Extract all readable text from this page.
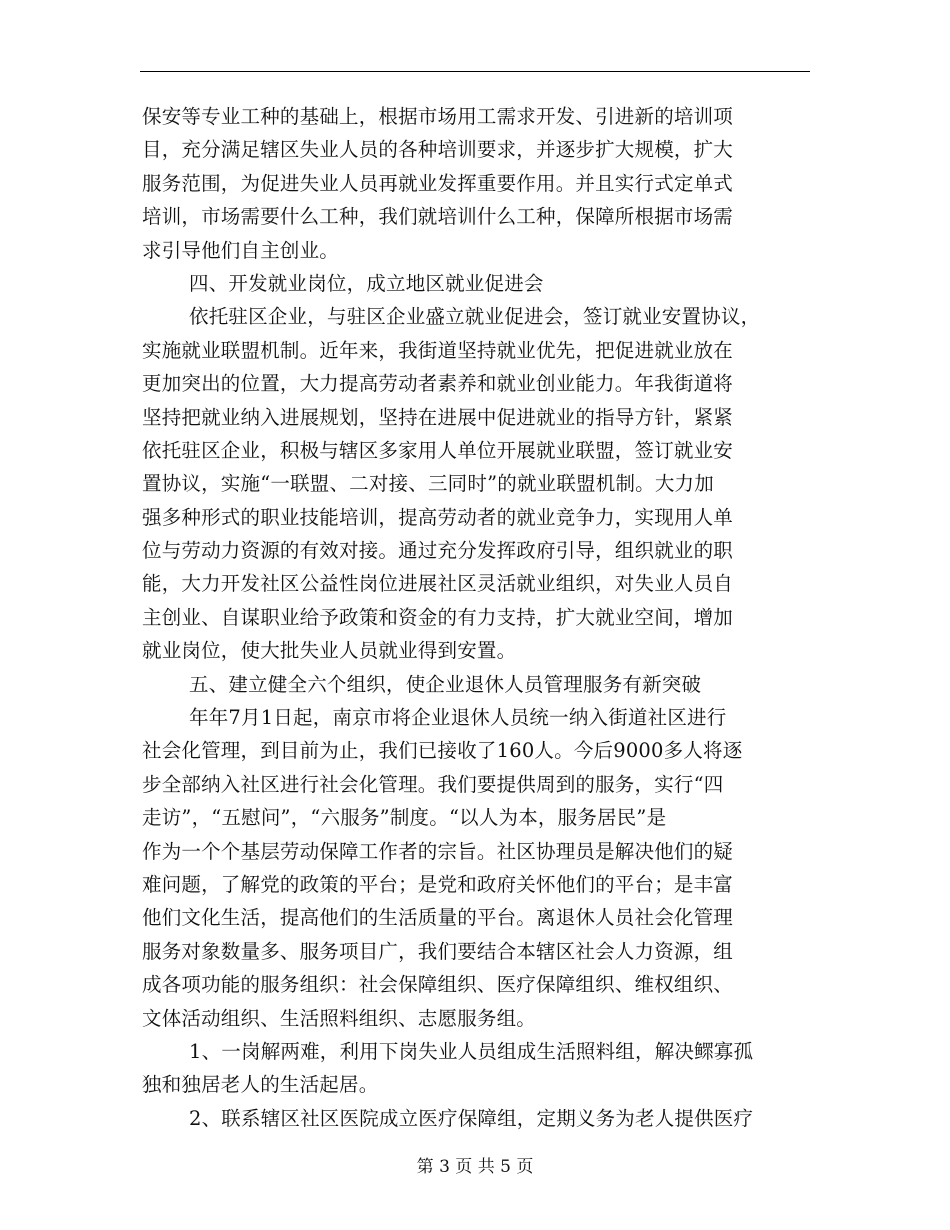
保安等专业工种的基础上，根据市场用工需求开发、引进新的培训项
目，充分满足辖区失业人员的各种培训要求，并逐步扩大规模，扩大
服务范围，为促进失业人员再就业发挥重要作用。并且实行式定单式
培训，市场需要什么工种，我们就培训什么工种，保障所根据市场需
求引导他们自主创业。
四、开发就业岗位，成立地区就业促进会
依托驻区企业，与驻区企业盛立就业促进会，签订就业安置协议，
实施就业联盟机制。近年来，我街道坚持就业优先，把促进就业放在
更加突出的位置，大力提高劳动者素养和就业创业能力。年我街道将
坚持把就业纳入进展规划，坚持在进展中促进就业的指导方针，紧紧
依托驻区企业，积极与辖区多家用人单位开展就业联盟，签订就业安
置协议，实施“一联盟、二对接、三同时”的就业联盟机制。大力加
强多种形式的职业技能培训，提高劳动者的就业竞争力，实现用人单
位与劳动力资源的有效对接。通过充分发挥政府引导，组织就业的职
能，大力开发社区公益性岗位进展社区灵活就业组织，对失业人员自
主创业、自谋职业给予政策和资金的有力支持，扩大就业空间，增加
就业岗位，使大批失业人员就业得到安置。
五、建立健全六个组织，使企业退休人员管理服务有新突破
年年7月1日起，南京市将企业退休人员统一纳入街道社区进行
社会化管理，到目前为止，我们已接收了160人。今后9000多人将逐
步全部纳入社区进行社会化管理。我们要提供周到的服务，实行“四
走访”，“五慰问”，“六服务”制度。“以人为本，服务居民”是
作为一个个基层劳动保障工作者的宗旨。社区协理员是解决他们的疑
难问题，了解党的政策的平台；是党和政府关怀他们的平台；是丰富
他们文化生活，提高他们的生活质量的平台。离退休人员社会化管理
服务对象数量多、服务项目广，我们要结合本辖区社会人力资源，组
成各项功能的服务组织：社会保障组织、医疗保障组织、维权组织、
文体活动组织、生活照料组织、志愿服务组。
1、一岗解两难，利用下岗失业人员组成生活照料组，解决鳏寡孤
独和独居老人的生活起居。
2、联系辖区社区医院成立医疗保障组，定期义务为老人提供医疗
第 3 页 共 5 页
